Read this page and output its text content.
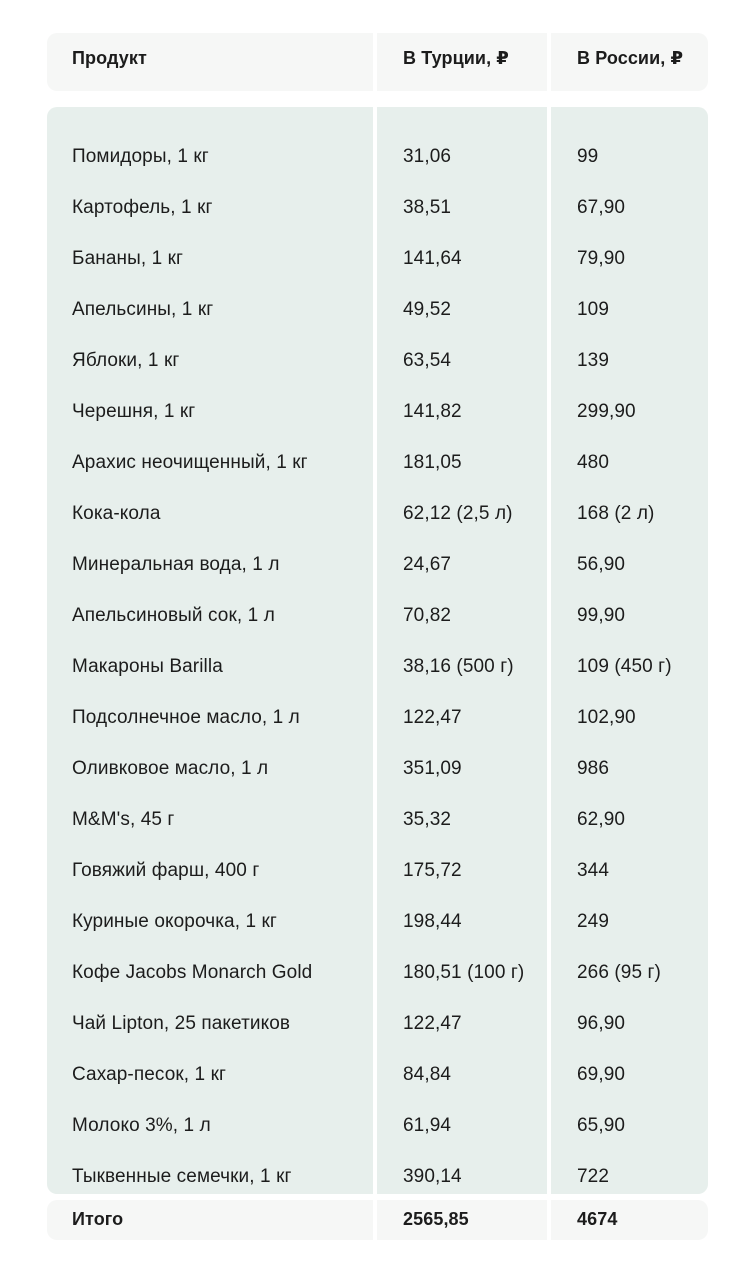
Продукт	В Турции, ₽	В России, ₽
Помидоры, 1 кг	31,06	99
Картофель, 1 кг	38,51	67,90
Бананы, 1 кг	141,64	79,90
Апельсины, 1 кг	49,52	109
Яблоки, 1 кг	63,54	139
Черешня, 1 кг	141,82	299,90
Арахис неочищенный, 1 кг	181,05	480
Кока-кола	62,12 (2,5 л)	168 (2 л)
Минеральная вода, 1 л	24,67	56,90
Апельсиновый сок, 1 л	70,82	99,90
Макароны Barilla	38,16 (500 г)	109 (450 г)
Подсолнечное масло, 1 л	122,47	102,90
Оливковое масло, 1 л	351,09	986
M&M's, 45 г	35,32	62,90
Говяжий фарш, 400 г	175,72	344
Куриные окорочка, 1 кг	198,44	249
Кофе Jacobs Monarch Gold	180,51 (100 г)	266 (95 г)
Чай Lipton, 25 пакетиков	122,47	96,90
Сахар-песок, 1 кг	84,84	69,90
Молоко 3%, 1 л	61,94	65,90
Тыквенные семечки, 1 кг	390,14	722
Итого	2565,85	4674
